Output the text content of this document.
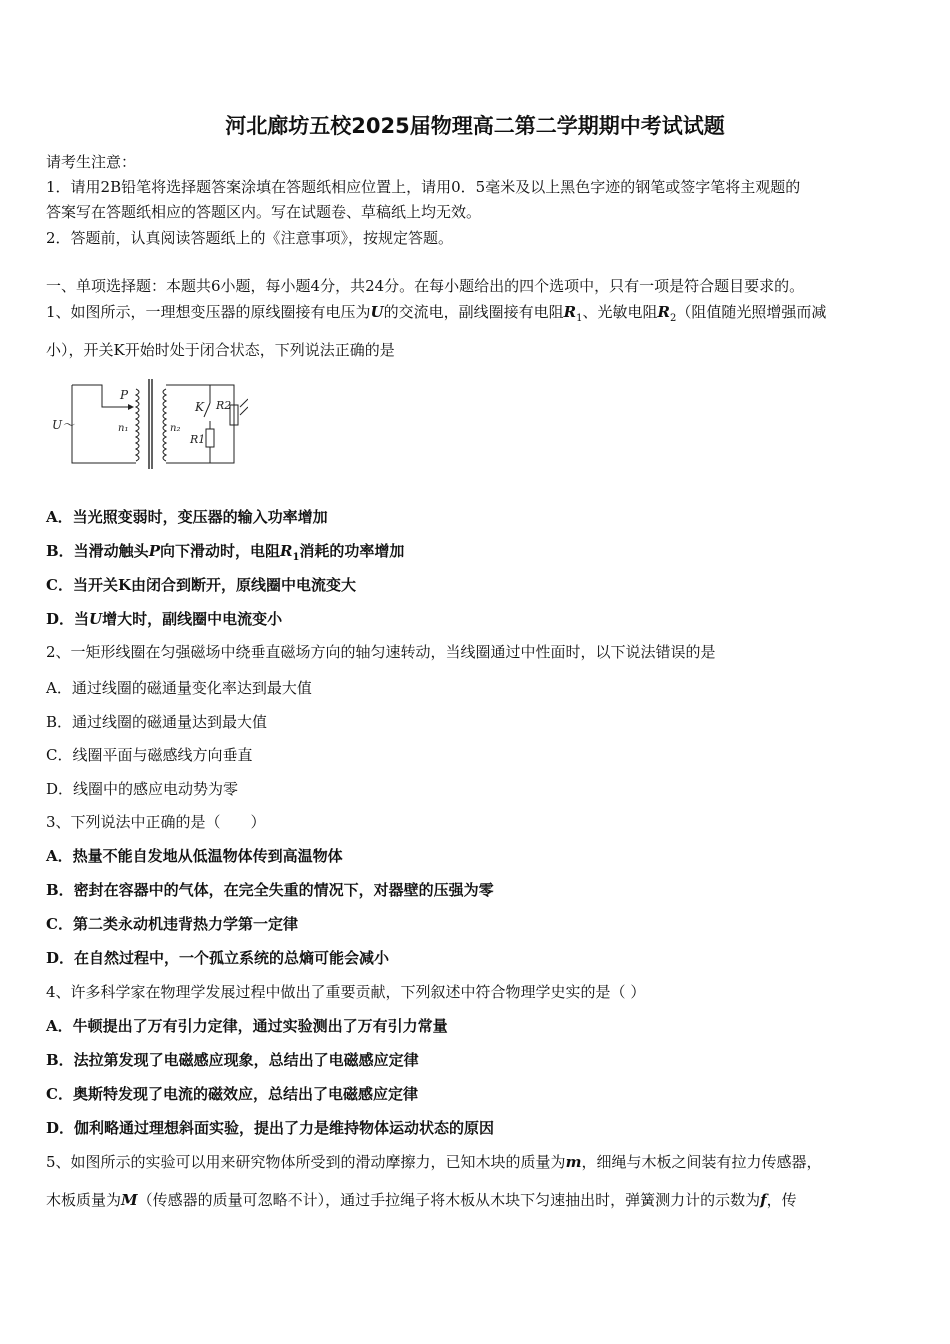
河北廊坊五校2025届物理高二第二学期期中考试试题
请考生注意：
1．请用2B铅笔将选择题答案涂填在答题纸相应位置上，请用0．5毫米及以上黑色字迹的钢笔或签字笔将主观题的
答案写在答题纸相应的答题区内。写在试题卷、草稿纸上均无效。
2．答题前，认真阅读答题纸上的《注意事项》，按规定答题。
一、单项选择题：本题共6小题，每小题4分，共24分。在每小题给出的四个选项中，只有一项是符合题目要求的。
1、如图所示，一理想变压器的原线圈接有电压为U的交流电，副线圈接有电阻$R_1$、光敏电阻$R_2$（阻值随光照增强而减
小），开关K开始时处于闭合状态，下列说法正确的是
U～
P
n₁	n₂
K
R1
R2
A．当光照变弱时，变压器的输入功率增加
B．当滑动触头P向下滑动时，电阻$R_1$消耗的功率增加
C．当开关K由闭合到断开，原线圈中电流变大
D．当U增大时，副线圈中电流变小
2、一矩形线圈在匀强磁场中绕垂直磁场方向的轴匀速转动，当线圈通过中性面时，以下说法错误的是
A．通过线圈的磁通量变化率达到最大值
B．通过线圈的磁通量达到最大值
C．线圈平面与磁感线方向垂直
D．线圈中的感应电动势为零
3、下列说法中正确的是（　　）
A．热量不能自发地从低温物体传到高温物体
B．密封在容器中的气体，在完全失重的情况下，对器壁的压强为零
C．第二类永动机违背热力学第一定律
D．在自然过程中，一个孤立系统的总熵可能会减小
4、许多科学家在物理学发展过程中做出了重要贡献，下列叙述中符合物理学史实的是（ ）
A．牛顿提出了万有引力定律，通过实验测出了万有引力常量
B．法拉第发现了电磁感应现象，总结出了电磁感应定律
C．奥斯特发现了电流的磁效应，总结出了电磁感应定律
D．伽利略通过理想斜面实验，提出了力是维持物体运动状态的原因
5、如图所示的实验可以用来研究物体所受到的滑动摩擦力，已知木块的质量为m，细绳与木板之间装有拉力传感器，
木板质量为M（传感器的质量可忽略不计），通过手拉绳子将木板从木块下匀速抽出时，弹簧测力计的示数为f，传
